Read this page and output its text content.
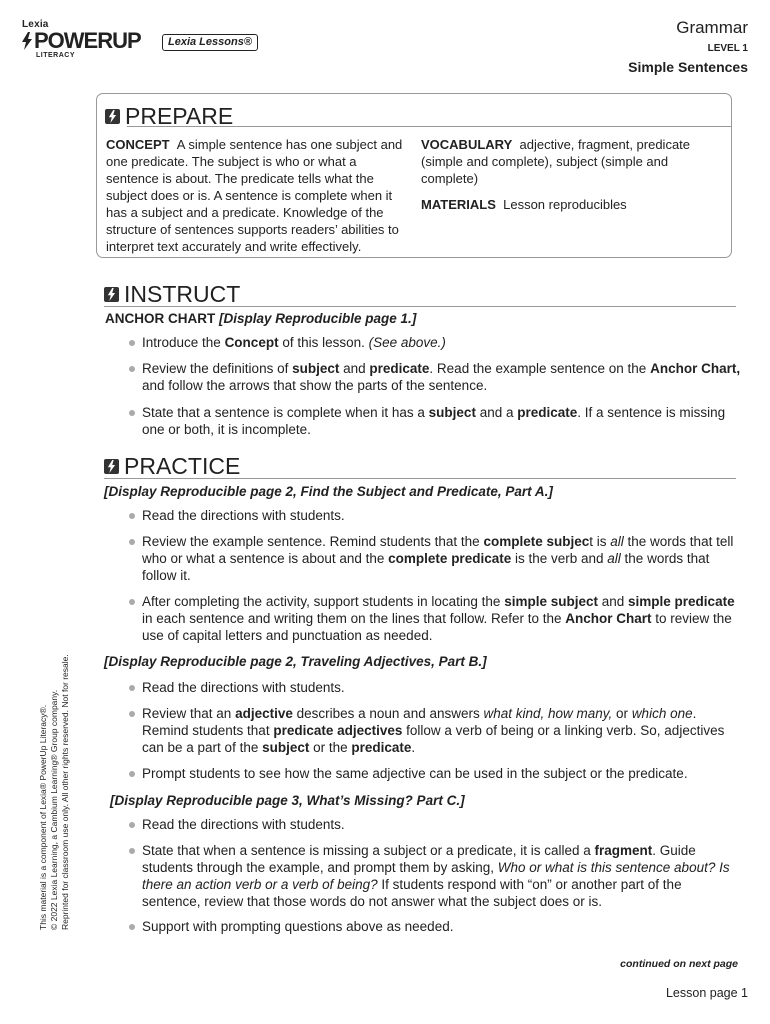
Lexia
POWERUP
LITERACY
Lexia Lessons®
Grammar
LEVEL 1
Simple Sentences
PREPARE
CONCEPT A simple sentence has one subject and one predicate. The subject is who or what a sentence is about. The predicate tells what the subject does or is. A sentence is complete when it has a subject and a predicate. Knowledge of the structure of sentences supports readers’ abilities to interpret text accurately and write effectively.
VOCABULARY adjective, fragment, predicate (simple and complete), subject (simple and complete)
MATERIALS Lesson reproducibles
INSTRUCT
ANCHOR CHART [Display Reproducible page 1.]
Introduce the Concept of this lesson. (See above.)
Review the definitions of subject and predicate. Read the example sentence on the Anchor Chart, and follow the arrows that show the parts of the sentence.
State that a sentence is complete when it has a subject and a predicate. If a sentence is missing one or both, it is incomplete.
PRACTICE
[Display Reproducible page 2, Find the Subject and Predicate, Part A.]
Read the directions with students.
Review the example sentence. Remind students that the complete subject is all the words that tell who or what a sentence is about and the complete predicate is the verb and all the words that follow it.
After completing the activity, support students in locating the simple subject and simple predicate in each sentence and writing them on the lines that follow. Refer to the Anchor Chart to review the use of capital letters and punctuation as needed.
[Display Reproducible page 2, Traveling Adjectives, Part B.]
Read the directions with students.
Review that an adjective describes a noun and answers what kind, how many, or which one. Remind students that predicate adjectives follow a verb of being or a linking verb. So, adjectives can be a part of the subject or the predicate.
Prompt students to see how the same adjective can be used in the subject or the predicate.
[Display Reproducible page 3, What’s Missing? Part C.]
Read the directions with students.
State that when a sentence is missing a subject or a predicate, it is called a fragment. Guide students through the example, and prompt them by asking, Who or what is this sentence about? Is there an action verb or a verb of being? If students respond with “on” or another part of the sentence, review that those words do not answer what the subject does or is.
Support with prompting questions above as needed.
This material is a component of Lexia® PowerUp Literacy®. © 2022 Lexia Learning, a Cambium Learning® Group company. Reprinted for classroom use only. All other rights reserved. Not for resale.
continued on next page
Lesson page 1
